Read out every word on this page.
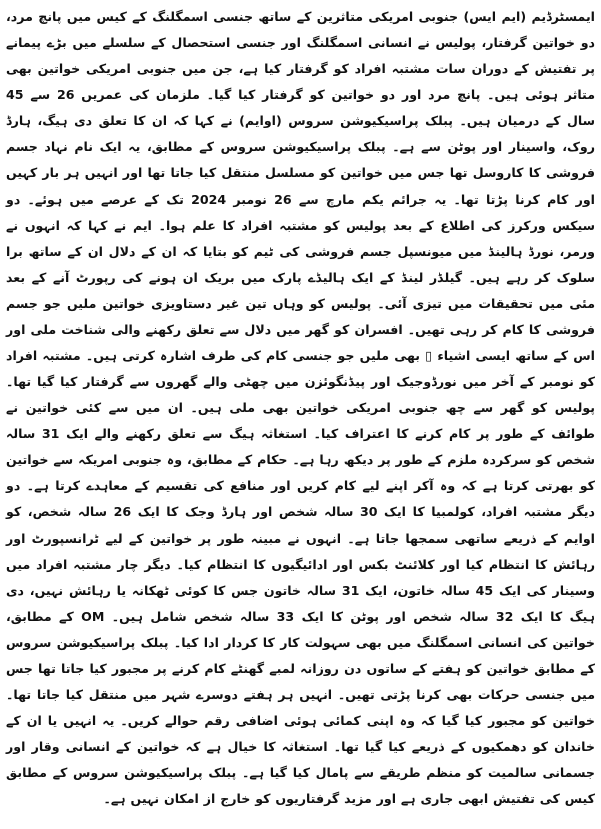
ایمسٹرڈیم (ایم ایس) جنوبی امریکی متاثرین کے ساتھ جنسی اسمگلنگ کے کیس میں پانچ مرد، دو خواتین گرفتار، پولیس نے انسانی اسمگلنگ اور جنسی استحصال کے سلسلے میں بڑے پیمانے پر تفتیش کے دوران سات مشتبہ افراد کو گرفتار کیا ہے، جن میں جنوبی امریکی خواتین بھی متاثر ہوئی ہیں۔ پانچ مرد اور دو خواتین کو گرفتار کیا گیا۔ ملزمان کی عمریں 26 سے 45 سال کے درمیان ہیں۔ پبلک پراسیکیوشن سروس (اوایم) نے کہا کہ ان کا تعلق دی ہیگ، ہارڈ روک، واسینار اور پوٹن سے ہے۔ پبلک پراسیکیوشن سروس کے مطابق، یہ ایک نام نہاد جسم فروشی کا کاروسل تھا جس میں خواتین کو مسلسل منتقل کیا جاتا تھا اور انہیں ہر بار کہیں اور کام کرنا پڑتا تھا۔ یہ جرائم یکم مارچ سے 26 نومبر 2024 تک کے عرصے میں ہوئے۔ دو سیکس ورکرز کی اطلاع کے بعد پولیس کو مشتبہ افراد کا علم ہوا۔ ایم نے کہا کہ انہوں نے ورمر، نورڈ ہالینڈ میں میونسپل جسم فروشی کی ٹیم کو بتایا کہ ان کے دلال ان کے ساتھ برا سلوک کر رہے ہیں۔ گیلڈر لینڈ کے ایک ہالیڈے پارک میں بریک ان ہونے کی رپورٹ آنے کے بعد مئی میں تحقیقات میں تیزی آئی۔ پولیس کو وہاں تین غیر دستاویزی خواتین ملیں جو جسم فروشی کا کام کر رہی تھیں۔ افسران کو گھر میں دلال سے تعلق رکھنے والی شناخت ملی اور اس کے ساتھ ایسی اشیاء ▯ بھی ملیں جو جنسی کام کی طرف اشارہ کرتی ہیں۔ مشتبہ افراد کو نومبر کے آخر میں نورڈوجیک اور پیڈنگوئزن میں چھٹی والے گھروں سے گرفتار کیا گیا تھا۔ پولیس کو گھر سے چھ جنوبی امریکی خواتین بھی ملی ہیں۔ ان میں سے کئی خواتین نے طوائف کے طور پر کام کرنے کا اعتراف کیا۔ استغاثہ ہیگ سے تعلق رکھنے والے ایک 31 سالہ شخص کو سرکردہ ملزم کے طور پر دیکھ رہا ہے۔ حکام کے مطابق، وہ جنوبی امریکہ سے خواتین کو بھرتی کرتا ہے کہ وہ آکر اپنے لیے کام کریں اور منافع کی تقسیم کے معاہدے کرتا ہے۔ دو دیگر مشتبہ افراد، کولمبیا کا ایک 30 سالہ شخص اور ہارڈ وجک کا ایک 26 سالہ شخص، کو اوایم کے ذریعے ساتھی سمجھا جاتا ہے۔ انہوں نے مبینہ طور پر خواتین کے لیے ٹرانسپورٹ اور رہائش کا انتظام کیا اور کلائنٹ بکس اور ادائیگیوں کا انتظام کیا۔ دیگر چار مشتبہ افراد میں وسینار کی ایک 45 سالہ خاتون، ایک 31 سالہ خاتون جس کا کوئی ٹھکانہ یا رہائش نہیں، دی ہیگ کا ایک 32 سالہ شخص اور پوٹن کا ایک 33 سالہ شخص شامل ہیں۔ OM کے مطابق، خواتین کی انسانی اسمگلنگ میں بھی سہولت کار کا کردار ادا کیا۔ پبلک پراسیکیوشن سروس کے مطابق خواتین کو ہفتے کے ساتوں دن روزانہ لمبے گھنٹے کام کرنے پر مجبور کیا جاتا تھا جس میں جنسی حرکات بھی کرنا پڑتی تھیں۔ انہیں ہر ہفتے دوسرے شہر میں منتقل کیا جاتا تھا۔ خواتین کو مجبور کیا گیا کہ وہ اپنی کمائی ہوئی اضافی رقم حوالے کریں۔ یہ انہیں یا ان کے خاندان کو دھمکیوں کے ذریعے کیا گیا تھا۔ استغاثہ کا خیال ہے کہ خواتین کے انسانی وقار اور جسمانی سالمیت کو منظم طریقے سے پامال کیا گیا ہے۔ پبلک پراسیکیوشن سروس کے مطابق کیس کی تفتیش ابھی جاری ہے اور مزید گرفتاریوں کو خارج از امکان نہیں ہے۔
